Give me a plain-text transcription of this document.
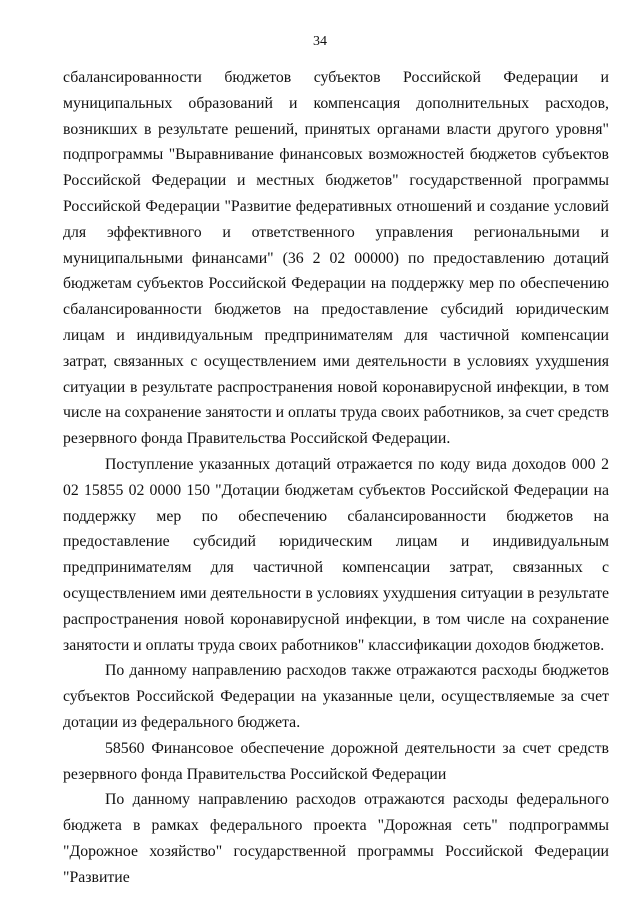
34

сбалансированности бюджетов субъектов Российской Федерации и муниципальных образований и компенсация дополнительных расходов, возникших в результате решений, принятых органами власти другого уровня" подпрограммы "Выравнивание финансовых возможностей бюджетов субъектов Российской Федерации и местных бюджетов" государственной программы Российской Федерации "Развитие федеративных отношений и создание условий для эффективного и ответственного управления региональными и муниципальными финансами" (36 2 02 00000) по предоставлению дотаций бюджетам субъектов Российской Федерации на поддержку мер по обеспечению сбалансированности бюджетов на предоставление субсидий юридическим лицам и индивидуальным предпринимателям для частичной компенсации затрат, связанных с осуществлением ими деятельности в условиях ухудшения ситуации в результате распространения новой коронавирусной инфекции, в том числе на сохранение занятости и оплаты труда своих работников, за счет средств резервного фонда Правительства Российской Федерации.

Поступление указанных дотаций отражается по коду вида доходов 000 2 02 15855 02 0000 150 "Дотации бюджетам субъектов Российской Федерации на поддержку мер по обеспечению сбалансированности бюджетов на предоставление субсидий юридическим лицам и индивидуальным предпринимателям для частичной компенсации затрат, связанных с осуществлением ими деятельности в условиях ухудшения ситуации в результате распространения новой коронавирусной инфекции, в том числе на сохранение занятости и оплаты труда своих работников" классификации доходов бюджетов.

По данному направлению расходов также отражаются расходы бюджетов субъектов Российской Федерации на указанные цели, осуществляемые за счет дотации из федерального бюджета.

58560 Финансовое обеспечение дорожной деятельности за счет средств резервного фонда Правительства Российской Федерации

По данному направлению расходов отражаются расходы федерального бюджета в рамках федерального проекта "Дорожная сеть" подпрограммы "Дорожное хозяйство" государственной программы Российской Федерации "Развитие
